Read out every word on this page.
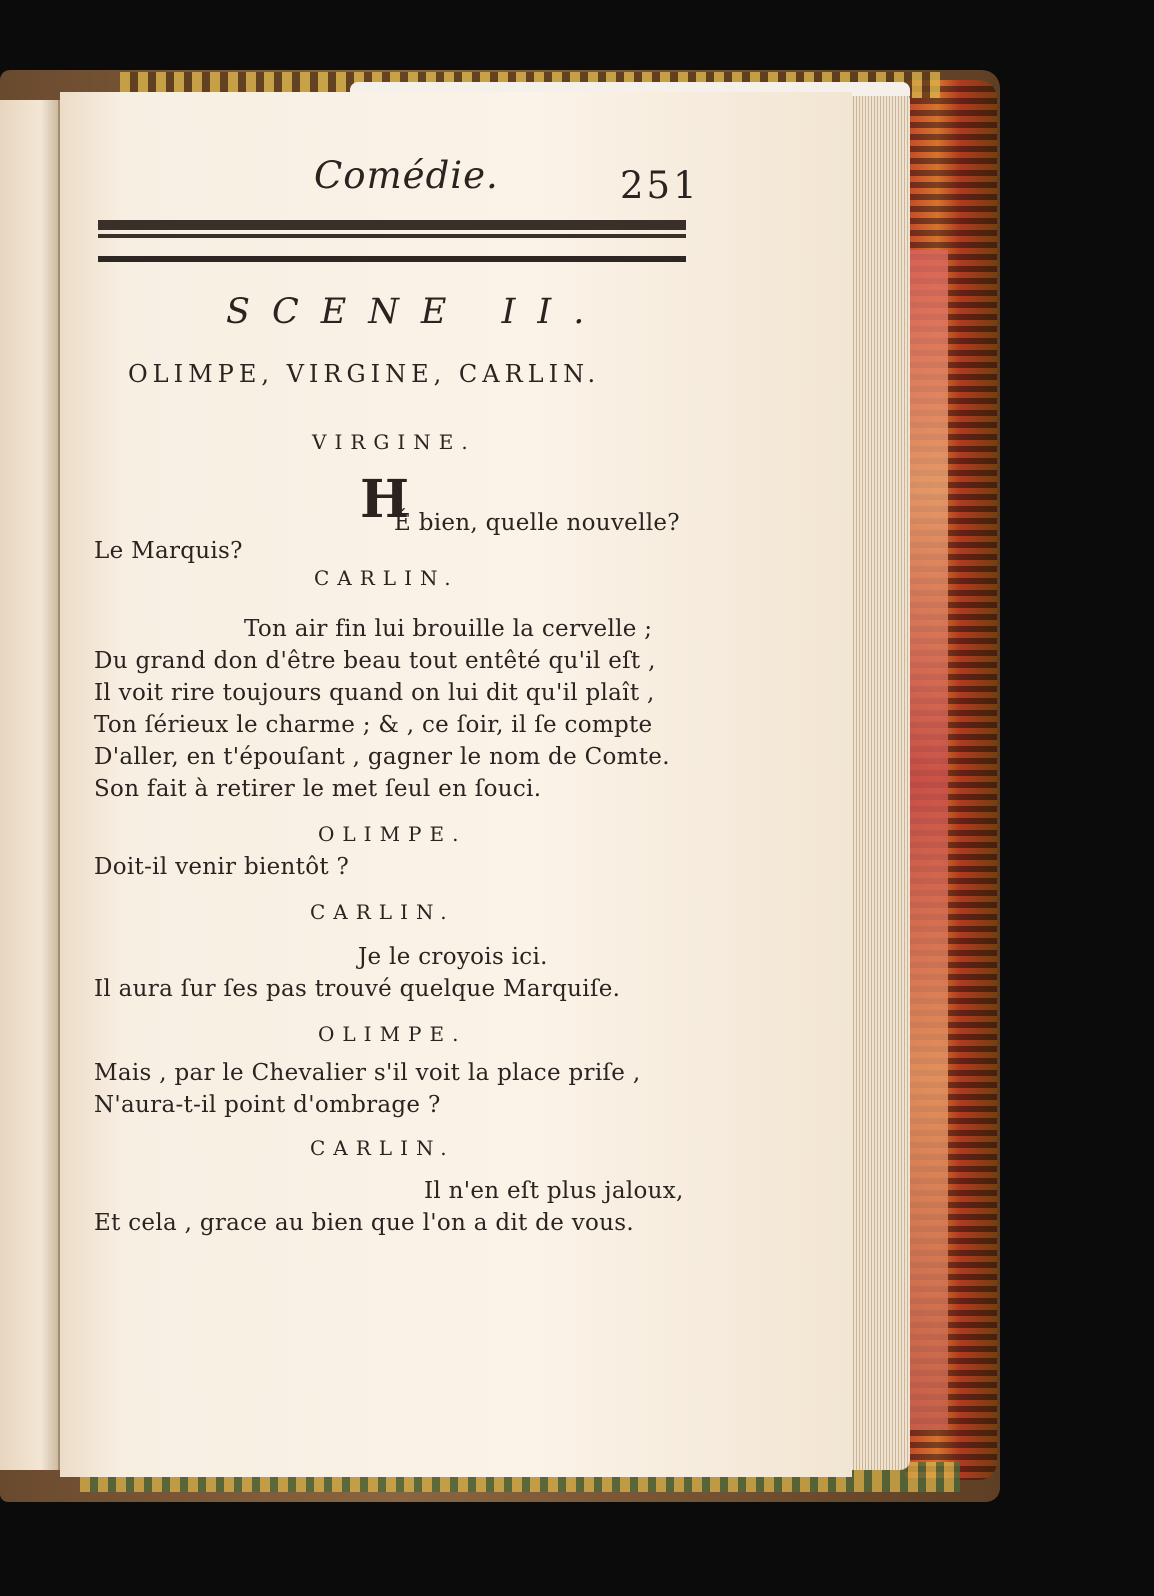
Comédie.	251
SCENE II.
OLIMPE, VIRGINE, CARLIN.
VIRGINE.
H
É bien, quelle nouvelle?
Le Marquis?
CARLIN.
Ton air fin lui brouille la cervelle ;
Du grand don d'être beau tout entêté qu'il eſt ,
Il voit rire toujours quand on lui dit qu'il plaît ,
Ton ſérieux le charme ; & , ce ſoir, il ſe compte
D'aller, en t'épouſant , gagner le nom de Comte.
Son fait à retirer le met ſeul en ſouci.
OLIMPE.
Doit-il venir bientôt ?
CARLIN.
Je le croyois ici.
Il aura ſur ſes pas trouvé quelque Marquiſe.
OLIMPE.
Mais , par le Chevalier s'il voit la place priſe ,
N'aura-t-il point d'ombrage ?
CARLIN.
Il n'en eſt plus jaloux,
Et cela , grace au bien que l'on a dit de vous.
